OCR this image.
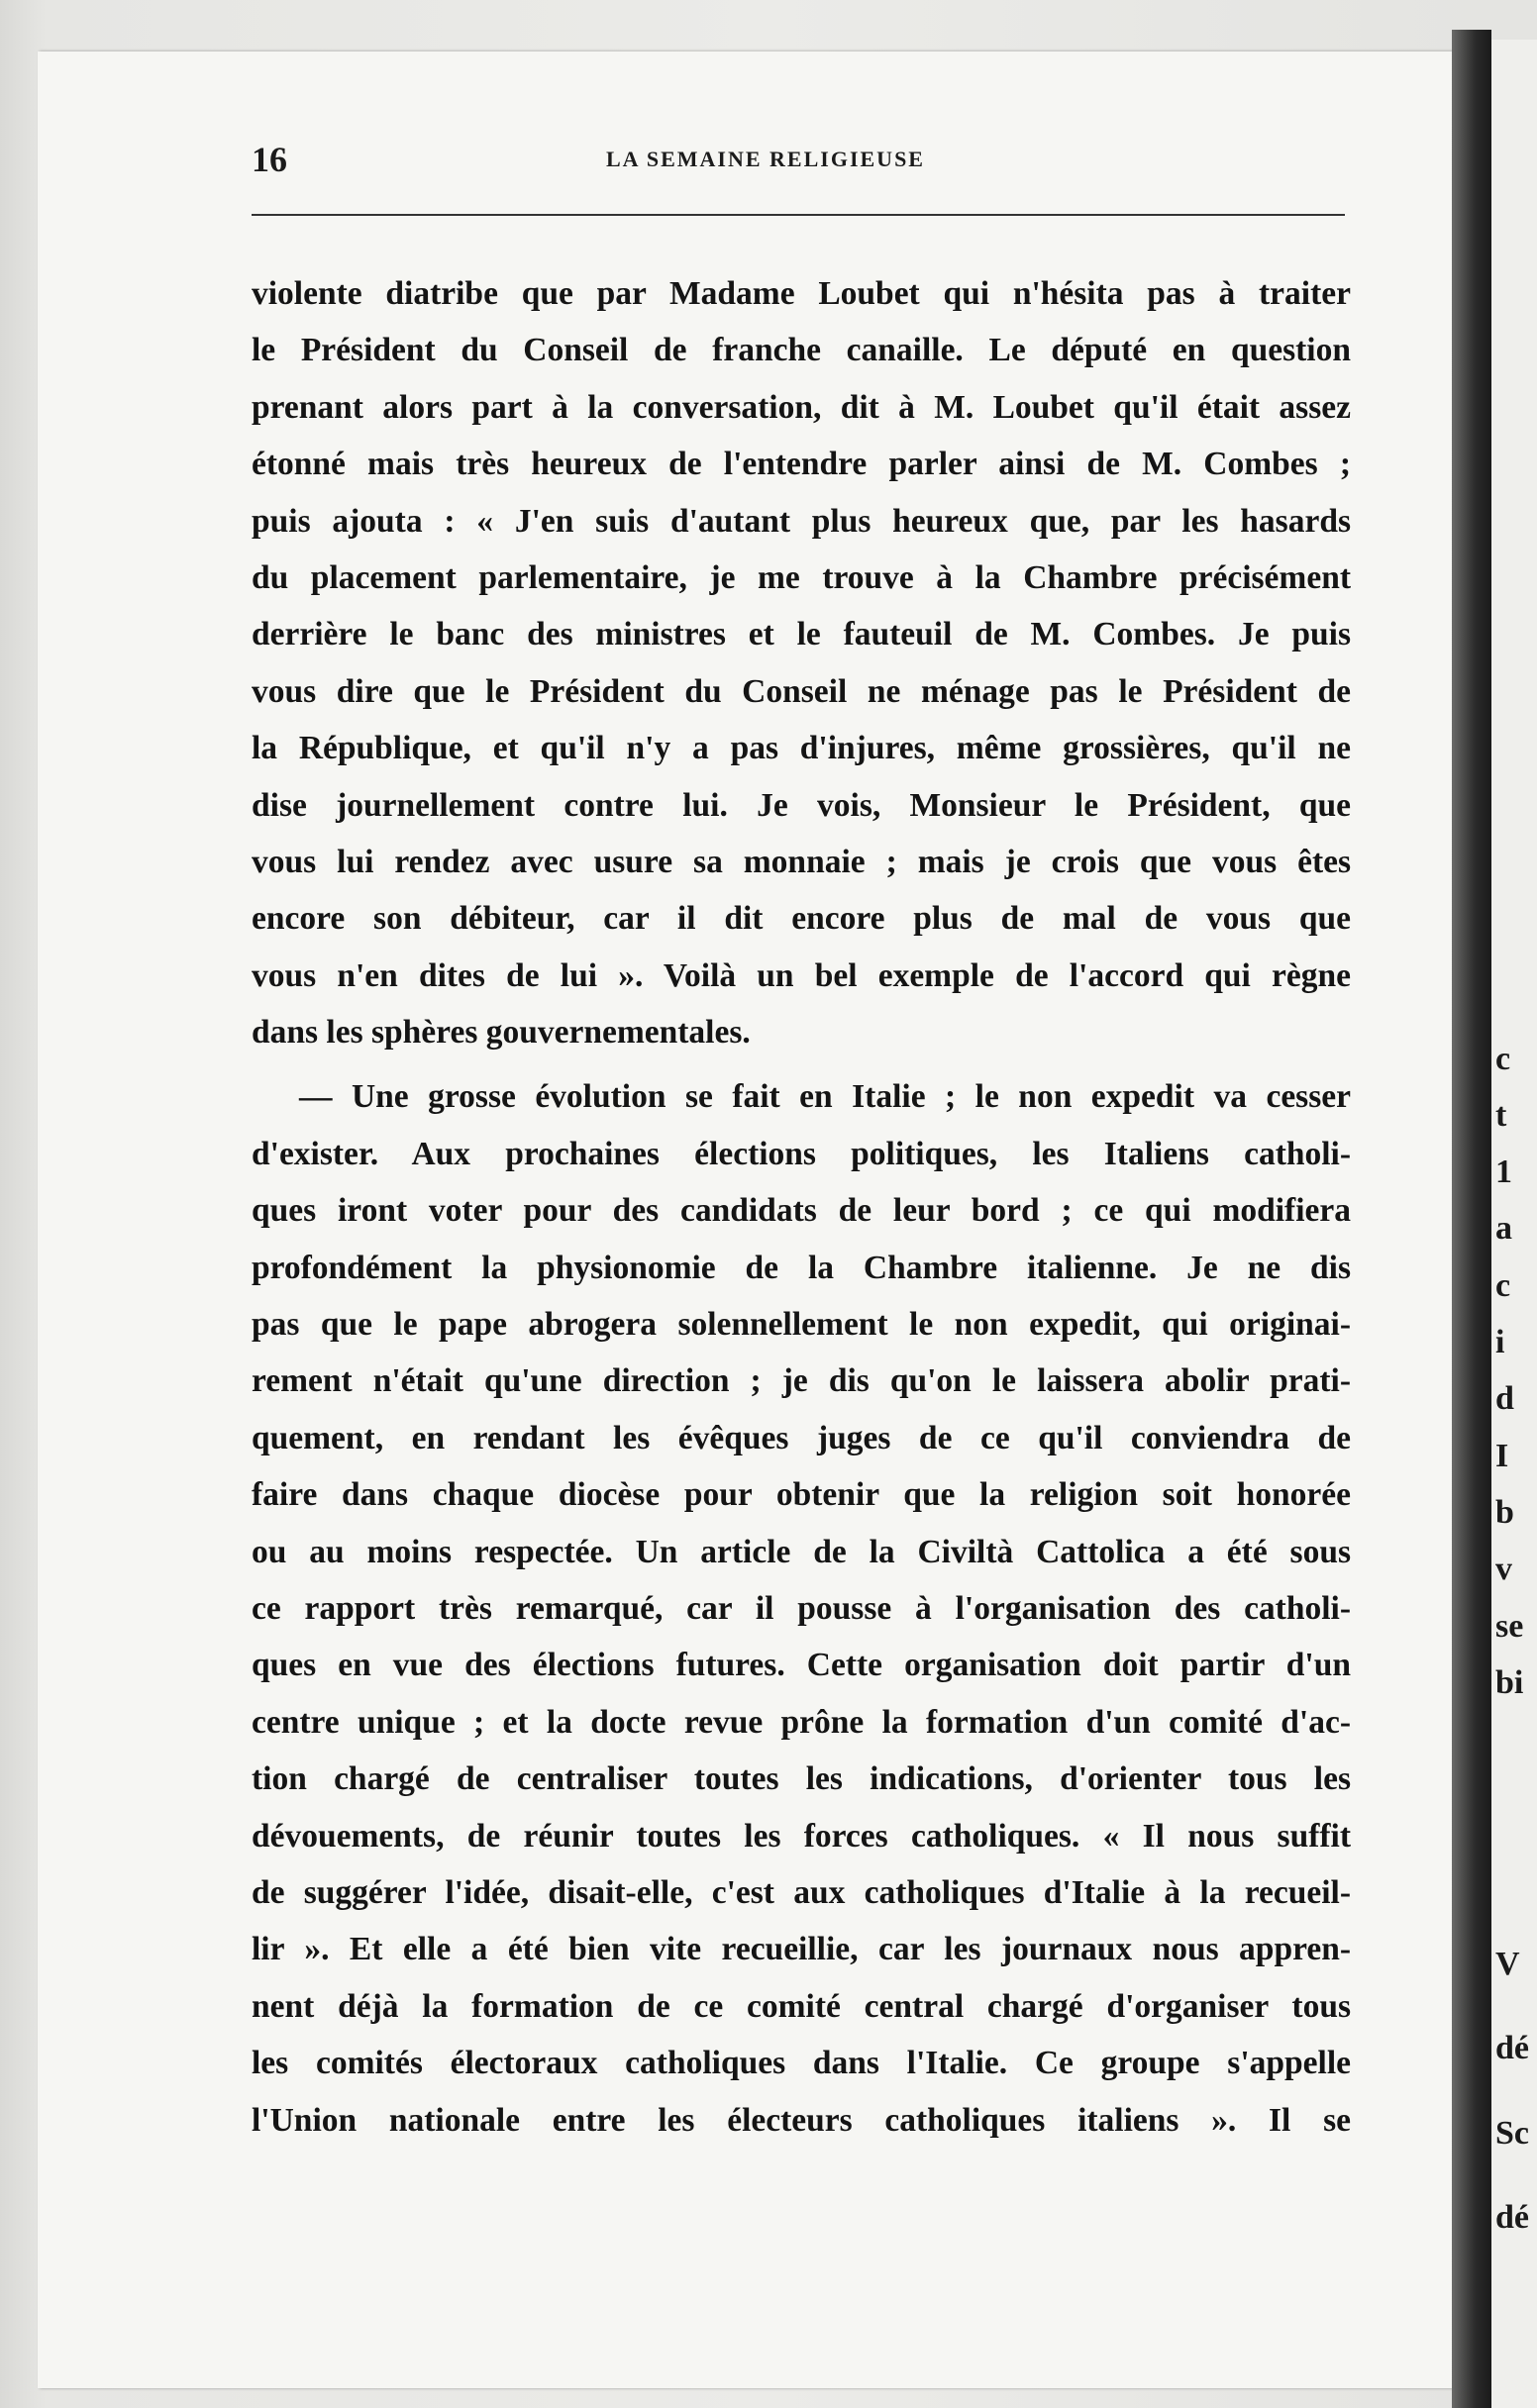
c
t
1
a
c
i
d
I
b
v
se
bi
V
dé
Sc
dé
16	LA SEMAINE RELIGIEUSE
violente diatribe que par Madame Loubet qui n'hésita pas à traiter
le Président du Conseil de franche canaille. Le député en question
prenant alors part à la conversation, dit à M. Loubet qu'il était assez
étonné mais très heureux de l'entendre parler ainsi de M. Combes ;
puis ajouta : « J'en suis d'autant plus heureux que, par les hasards
du placement parlementaire, je me trouve à la Chambre précisément
derrière le banc des ministres et le fauteuil de M. Combes. Je puis
vous dire que le Président du Conseil ne ménage pas le Président de
la République, et qu'il n'y a pas d'injures, même grossières, qu'il ne
dise journellement contre lui. Je vois, Monsieur le Président, que
vous lui rendez avec usure sa monnaie ; mais je crois que vous êtes
encore son débiteur, car il dit encore plus de mal de vous que
vous n'en dites de lui ». Voilà un bel exemple de l'accord qui règne
dans les sphères gouvernementales.
— Une grosse évolution se fait en Italie ; le non expedit va cesser
d'exister. Aux prochaines élections politiques, les Italiens catholi-
ques iront voter pour des candidats de leur bord ; ce qui modifiera
profondément la physionomie de la Chambre italienne. Je ne dis
pas que le pape abrogera solennellement le non expedit, qui originai-
rement n'était qu'une direction ; je dis qu'on le laissera abolir prati-
quement, en rendant les évêques juges de ce qu'il conviendra de
faire dans chaque diocèse pour obtenir que la religion soit honorée
ou au moins respectée. Un article de la Civiltà Cattolica a été sous
ce rapport très remarqué, car il pousse à l'organisation des catholi-
ques en vue des élections futures. Cette organisation doit partir d'un
centre unique ; et la docte revue prône la formation d'un comité d'ac-
tion chargé de centraliser toutes les indications, d'orienter tous les
dévouements, de réunir toutes les forces catholiques. « Il nous suffit
de suggérer l'idée, disait-elle, c'est aux catholiques d'Italie à la recueil-
lir ». Et elle a été bien vite recueillie, car les journaux nous appren-
nent déjà la formation de ce comité central chargé d'organiser tous
les comités électoraux catholiques dans l'Italie. Ce groupe s'appelle
l'Union nationale entre les électeurs catholiques italiens ». Il se
